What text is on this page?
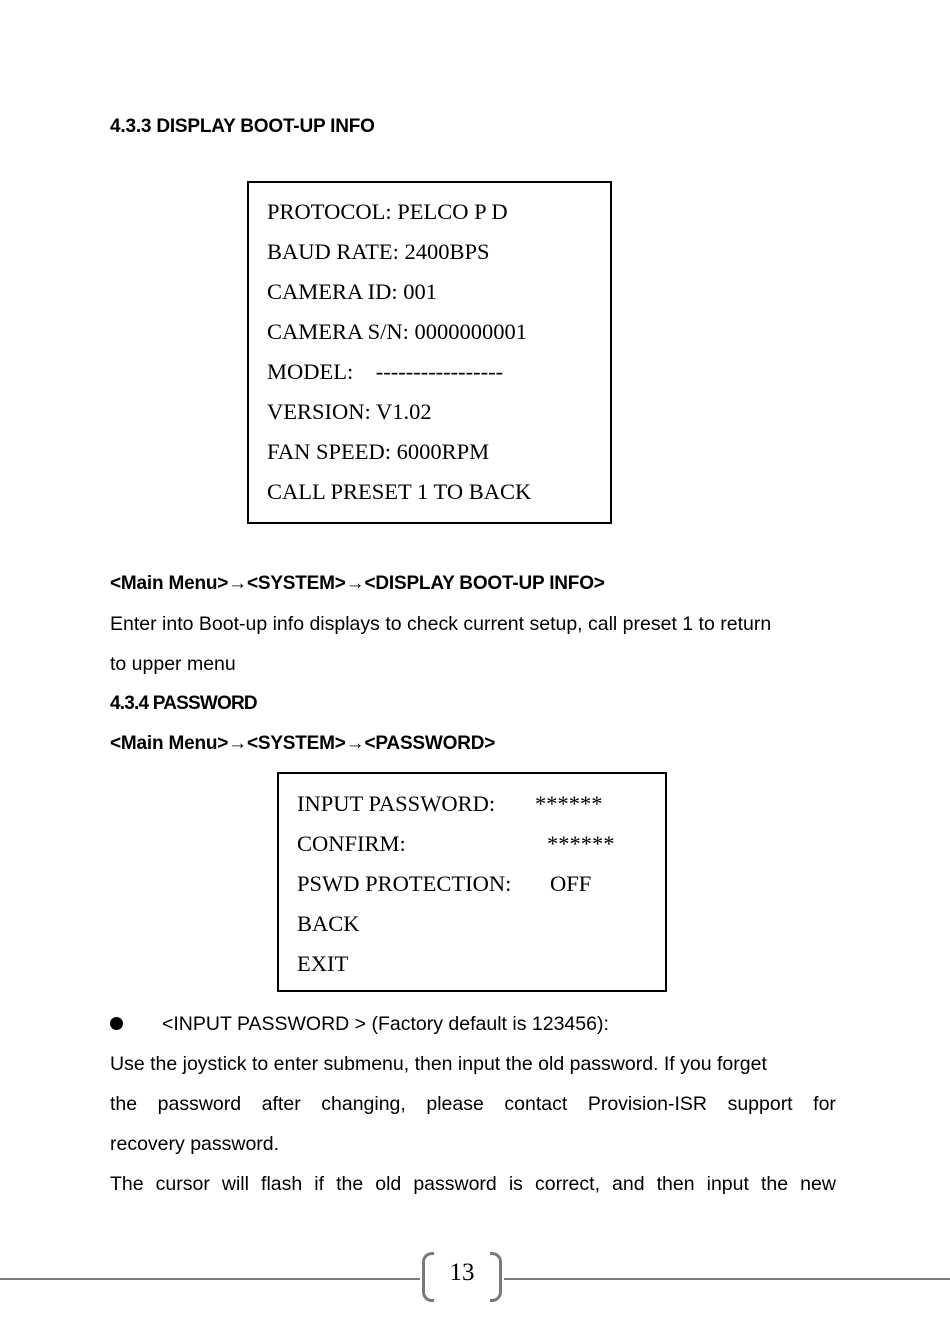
4.3.3 DISPLAY BOOT-UP INFO
PROTOCOL: PELCO P D
BAUD RATE: 2400BPS
CAMERA ID: 001
CAMERA S/N: 0000000001
MODEL:    -----------------
VERSION: V1.02
FAN SPEED: 6000RPM
CALL PRESET 1 TO BACK
<Main Menu>→<SYSTEM>→<DISPLAY BOOT-UP INFO>
Enter into Boot-up info displays to check current setup, call preset 1 to return
to upper menu
4.3.4 PASSWORD
<Main Menu>→<SYSTEM>→<PASSWORD>
INPUT PASSWORD: ******
CONFIRM:	******
PSWD PROTECTION: OFF
BACK
EXIT
<INPUT PASSWORD > (Factory default is 123456):
Use the joystick to enter submenu, then input the old password. If you forget
the password after changing, please contact Provision-ISR support for
recovery password.
The cursor will flash if the old password is correct, and then input the new
13
